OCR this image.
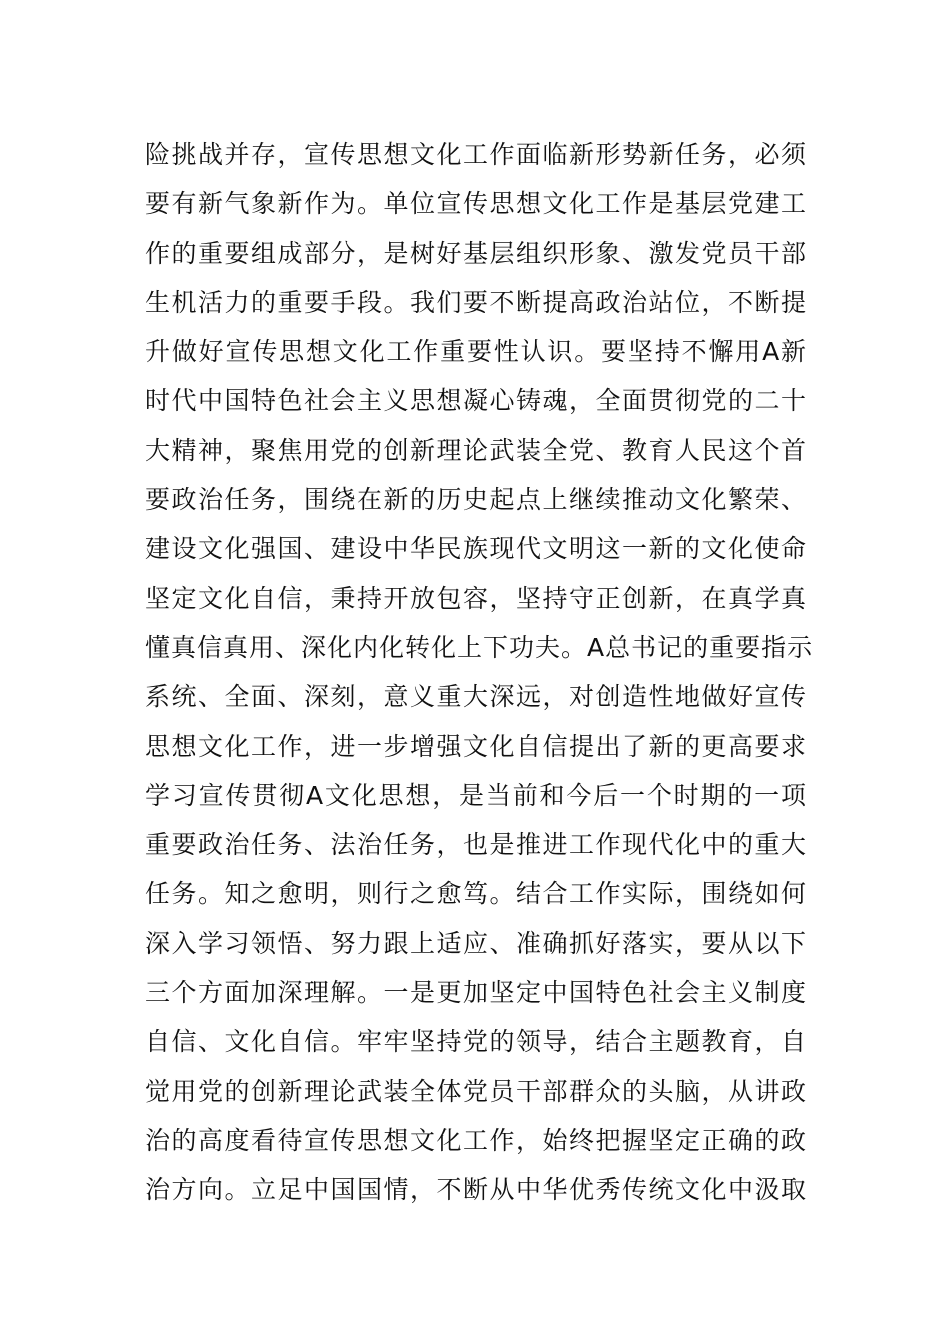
险挑战并存，宣传思想文化工作面临新形势新任务，必须
要有新气象新作为。单位宣传思想文化工作是基层党建工
作的重要组成部分，是树好基层组织形象、激发党员干部
生机活力的重要手段。我们要不断提高政治站位，不断提
升做好宣传思想文化工作重要性认识。要坚持不懈用A新
时代中国特色社会主义思想凝心铸魂，全面贯彻党的二十
大精神，聚焦用党的创新理论武装全党、教育人民这个首
要政治任务，围绕在新的历史起点上继续推动文化繁荣、
建设文化强国、建设中华民族现代文明这一新的文化使命
坚定文化自信，秉持开放包容，坚持守正创新，在真学真
懂真信真用、深化内化转化上下功夫。A总书记的重要指示
系统、全面、深刻，意义重大深远，对创造性地做好宣传
思想文化工作，进一步增强文化自信提出了新的更高要求
学习宣传贯彻A文化思想，是当前和今后一个时期的一项
重要政治任务、法治任务，也是推进工作现代化中的重大
任务。知之愈明，则行之愈笃。结合工作实际，围绕如何
深入学习领悟、努力跟上适应、准确抓好落实，要从以下
三个方面加深理解。一是更加坚定中国特色社会主义制度
自信、文化自信。牢牢坚持党的领导，结合主题教育，自
觉用党的创新理论武装全体党员干部群众的头脑，从讲政
治的高度看待宣传思想文化工作，始终把握坚定正确的政
治方向。立足中国国情，不断从中华优秀传统文化中汲取
